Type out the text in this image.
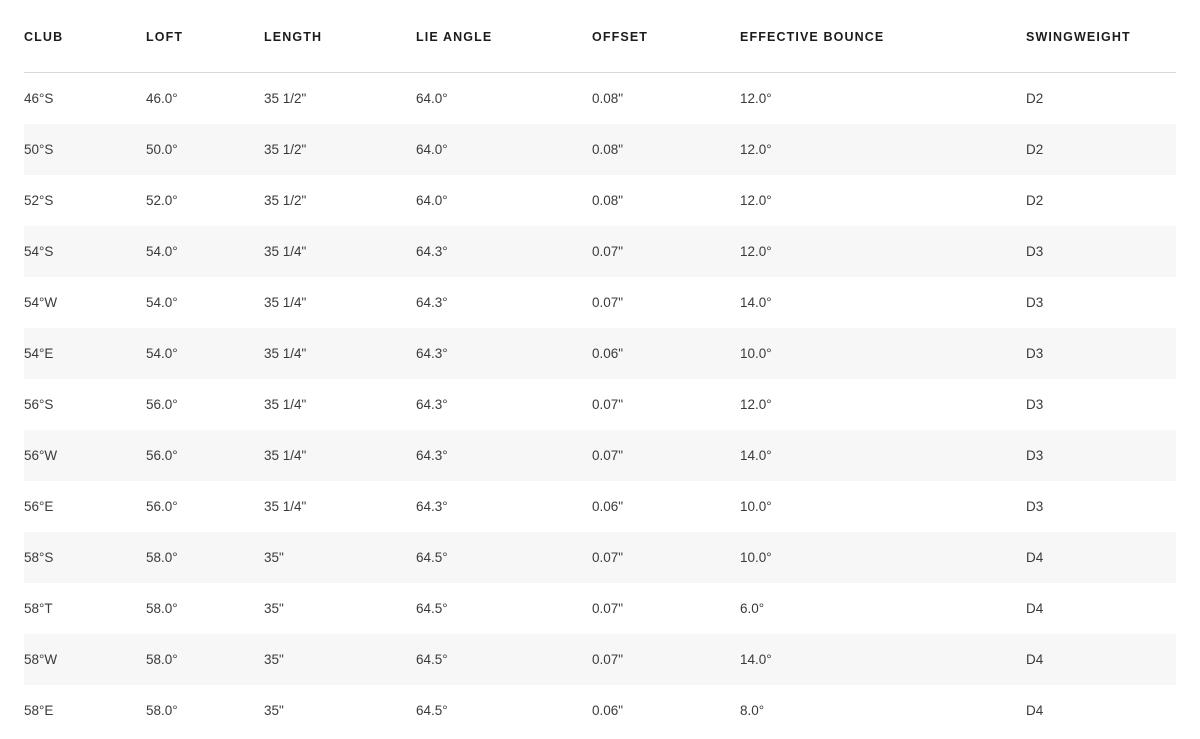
CLUB	LOFT	LENGTH	LIE ANGLE	OFFSET	EFFECTIVE BOUNCE	SWINGWEIGHT
46°S	46.0°	35 1/2"	64.0°	0.08"	12.0°	D2
50°S	50.0°	35 1/2"	64.0°	0.08"	12.0°	D2
52°S	52.0°	35 1/2"	64.0°	0.08"	12.0°	D2
54°S	54.0°	35 1/4"	64.3°	0.07"	12.0°	D3
54°W	54.0°	35 1/4"	64.3°	0.07"	14.0°	D3
54°E	54.0°	35 1/4"	64.3°	0.06"	10.0°	D3
56°S	56.0°	35 1/4"	64.3°	0.07"	12.0°	D3
56°W	56.0°	35 1/4"	64.3°	0.07"	14.0°	D3
56°E	56.0°	35 1/4"	64.3°	0.06"	10.0°	D3
58°S	58.0°	35"	64.5°	0.07"	10.0°	D4
58°T	58.0°	35"	64.5°	0.07"	6.0°	D4
58°W	58.0°	35"	64.5°	0.07"	14.0°	D4
58°E	58.0°	35"	64.5°	0.06"	8.0°	D4
